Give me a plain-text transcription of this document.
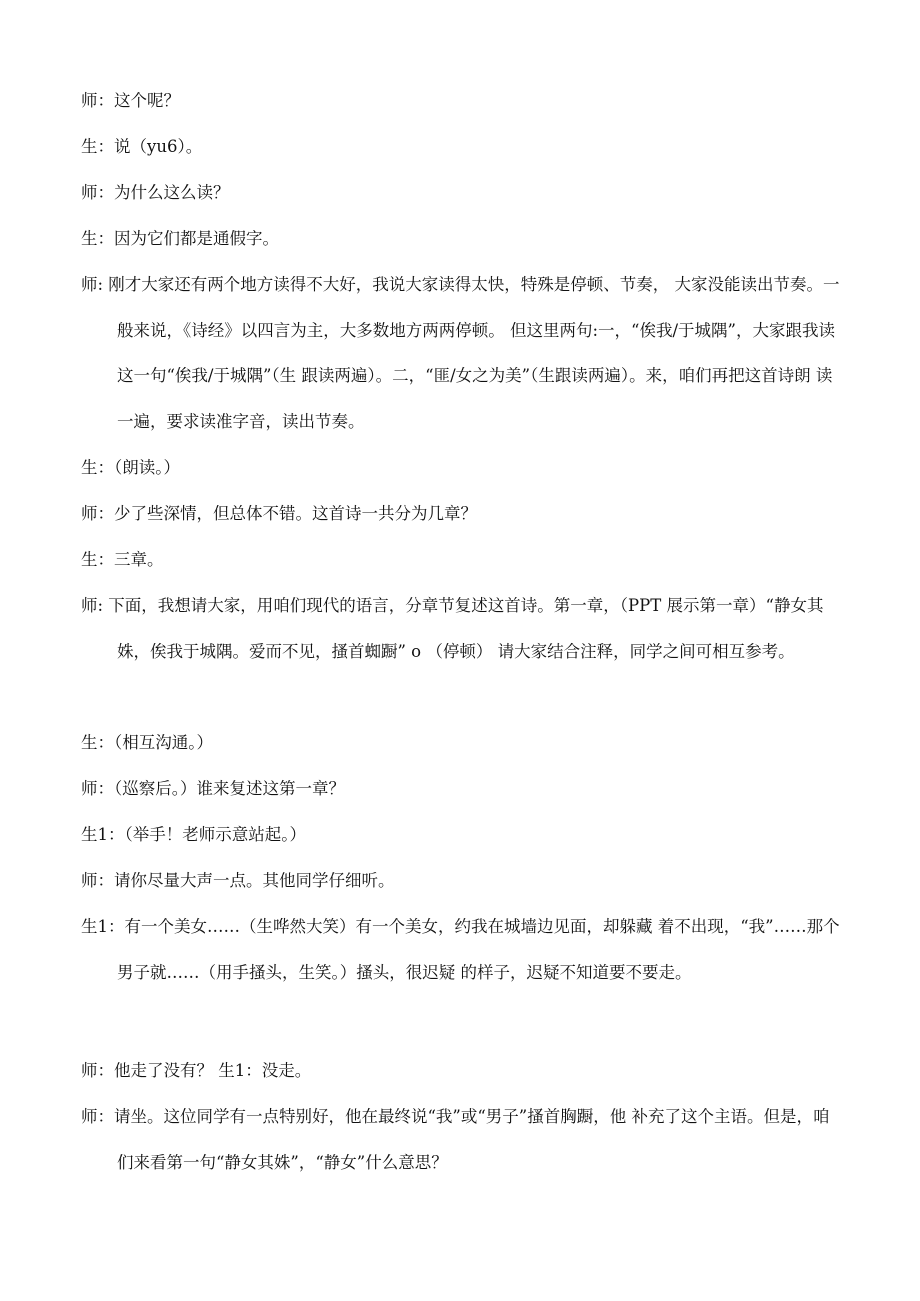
师：这个呢？
生：说（yu6）。
师：为什么这么读？
生：因为它们都是通假字。
师: 刚才大家还有两个地方读得不大好，我说大家读得太快，特殊是停顿、节奏， 大家没能读出节奏。一般来说，《诗经》以四言为主，大多数地方两两停顿。 但这里两句:一，“俟我/于城隅”，大家跟我读这一句“俟我/于城隅”（生 跟读两遍）。二，“匪/女之为美”（生跟读两遍）。来，咱们再把这首诗朗 读一遍，要求读准字音，读出节奏。
生：（朗读。）
师：少了些深情，但总体不错。这首诗一共分为几章？
生：三章。
师: 下面，我想请大家，用咱们现代的语言，分章节复述这首诗。第一章，（PPT 展示第一章）“静女其姝，俟我于城隅。爱而不见，搔首蜘蹰” o （停顿） 请大家结合注释，同学之间可相互参考。
生：（相互沟通。）
师：（巡察后。）谁来复述这第一章？
生1：（举手！老师示意站起。）
师：请你尽量大声一点。其他同学仔细听。
生1：有一个美女……（生哗然大笑）有一个美女，约我在城墙边见面，却躲藏 着不出现，“我”……那个男子就……（用手搔头，生笑。）搔头，很迟疑 的样子，迟疑不知道要不要走。
师：他走了没有？ 生1：没走。
师：请坐。这位同学有一点特别好，他在最终说“我”或“男子”搔首胸蹰，他 补充了这个主语。但是，咱们来看第一句“静女其姝”，“静女”什么意思？
